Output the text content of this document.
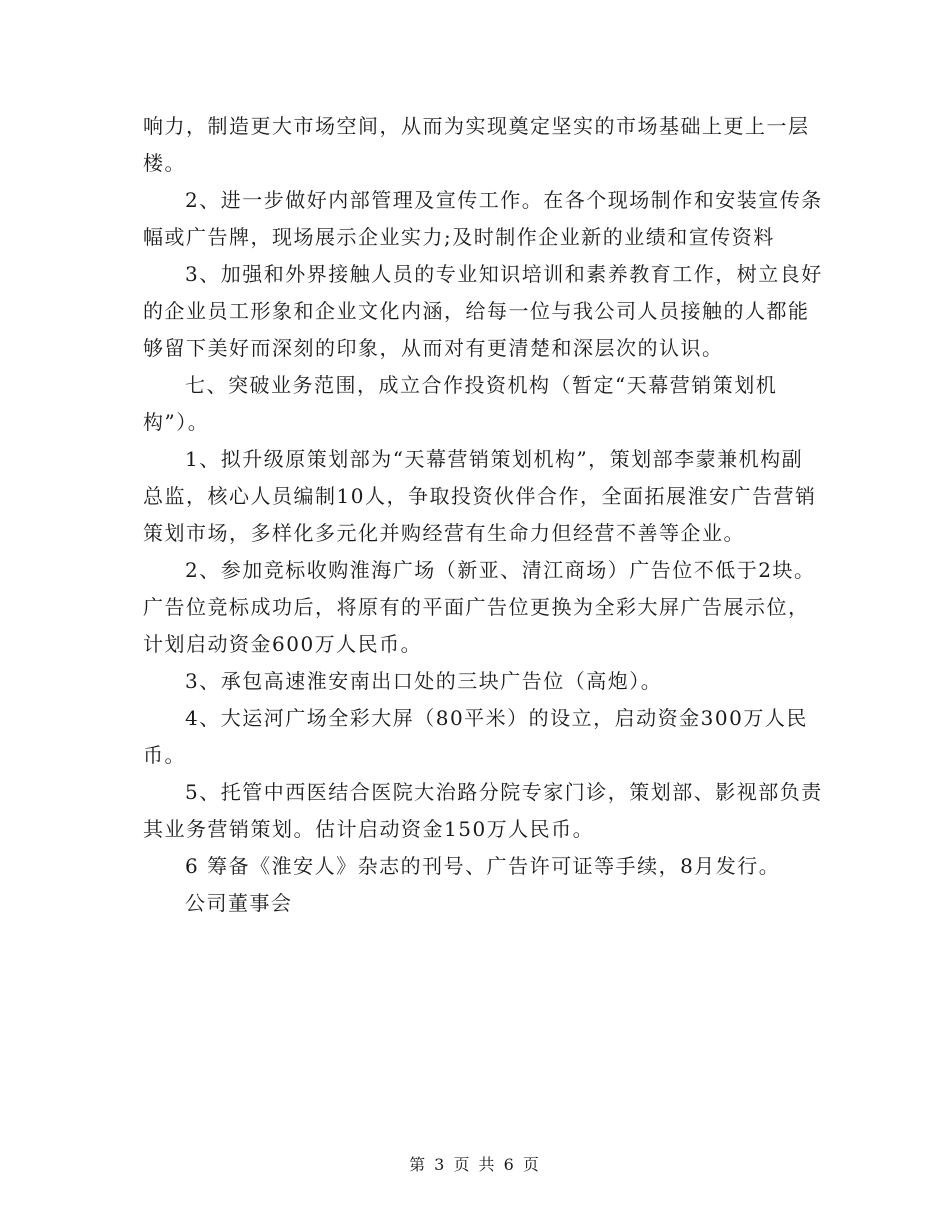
响力，制造更大市场空间，从而为实现奠定坚实的市场基础上更上一层楼。

2、进一步做好内部管理及宣传工作。在各个现场制作和安装宣传条幅或广告牌，现场展示企业实力;及时制作企业新的业绩和宣传资料

3、加强和外界接触人员的专业知识培训和素养教育工作，树立良好的企业员工形象和企业文化内涵，给每一位与我公司人员接触的人都能够留下美好而深刻的印象，从而对有更清楚和深层次的认识。

七、突破业务范围，成立合作投资机构（暂定“天幕营销策划机构”）。

1、拟升级原策划部为“天幕营销策划机构”，策划部李蒙兼机构副总监，核心人员编制10人，争取投资伙伴合作，全面拓展淮安广告营销策划市场，多样化多元化并购经营有生命力但经营不善等企业。

2、参加竞标收购淮海广场（新亚、清江商场）广告位不低于2块。广告位竞标成功后，将原有的平面广告位更换为全彩大屏广告展示位，计划启动资金600万人民币。

3、承包高速淮安南出口处的三块广告位（高炮）。

4、大运河广场全彩大屏（80平米）的设立，启动资金300万人民币。

5、托管中西医结合医院大治路分院专家门诊，策划部、影视部负责其业务营销策划。估计启动资金150万人民币。

6 筹备《淮安人》杂志的刊号、广告许可证等手续，8月发行。

公司董事会

第 3 页 共 6 页
